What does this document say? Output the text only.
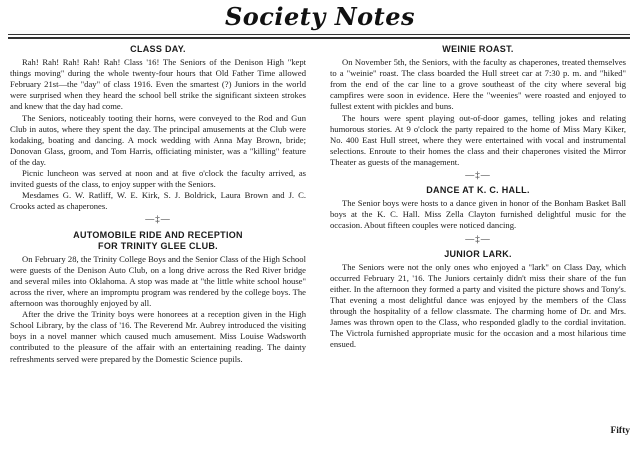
Society Notes
CLASS DAY.

Rah! Rah! Rah! Rah! Rah! Class '16! The Seniors of the Denison High "kept things moving" during the whole twenty-four hours that Old Father Time allowed February 21st—the "day" of class 1916. Even the smartest (?) Juniors in the world were surprised when they heard the school bell strike the significant sixteen strokes and knew that the day had come.

The Seniors, noticeably tooting their horns, were conveyed to the Rod and Gun Club in autos, where they spent the day. The principal amusements at the Club were kodaking, boating and dancing. A mock wedding with Anna May Brown, bride; Donovan Glass, groom, and Tom Harris, officiating minister, was a "killing" feature of the day.

Picnic luncheon was served at noon and at five o'clock the faculty arrived, as invited guests of the class, to enjoy supper with the Seniors.

Mesdames G. W. Ratliff, W. E. Kirk, S. J. Boldrick, Laura Brown and J. C. Crooks acted as chaperones.

—‡—
AUTOMOBILE RIDE AND RECEPTION
FOR TRINITY GLEE CLUB.

On February 28, the Trinity College Boys and the Senior Class of the High School were guests of the Denison Auto Club, on a long drive across the Red River bridge and several miles into Oklahoma. A stop was made at "the little white school house" across the river, where an impromptu program was rendered by the college boys. The afternoon was thoroughly enjoyed by all.

After the drive the Trinity boys were honorees at a reception given in the High School Library, by the class of '16. The Reverend Mr. Aubrey introduced the visiting boys in a novel manner which caused much amusement. Miss Louise Wadsworth contributed to the pleasure of the affair with an entertaining reading. The dainty refreshments served were prepared by the Domestic Science pupils.

WEINIE ROAST.

On November 5th, the Seniors, with the faculty as chaperones, treated themselves to a "weinie" roast. The class boarded the Hull street car at 7:30 p. m. and "hiked" from the end of the car line to a grove southeast of the city where several big campfires were soon in evidence. Here the "weenies" were roasted and enjoyed to fullest extent with pickles and buns.

The hours were spent playing out-of-door games, telling jokes and relating humorous stories. At 9 o'clock the party repaired to the home of Miss Mary Kiker, No. 400 East Hull street, where they were entertained with vocal and instrumental selections. Enroute to their homes the class and their chaperones visited the Mirror Theater as guests of the management.

—‡—
DANCE AT K. C. HALL.

The Senior boys were hosts to a dance given in honor of the Bonham Basket Ball boys at the K. C. Hall. Miss Zella Clayton furnished delightful music for the occasion. About fifteen couples were noticed dancing.

—‡—
JUNIOR LARK.

The Seniors were not the only ones who enjoyed a "lark" on Class Day, which occurred February 21, '16. The Juniors certainly didn't miss their share of the fun either. In the afternoon they formed a party and visited the picture shows and Tony's. That evening a most delightful dance was enjoyed by the members of the Class through the hospitality of a fellow classmate. The charming home of Dr. and Mrs. James was thrown open to the Class, who responded gladly to the cordial invitation. The Victrola furnished appropriate music for the occasion and a most hilarious time ensued.

Fifty
